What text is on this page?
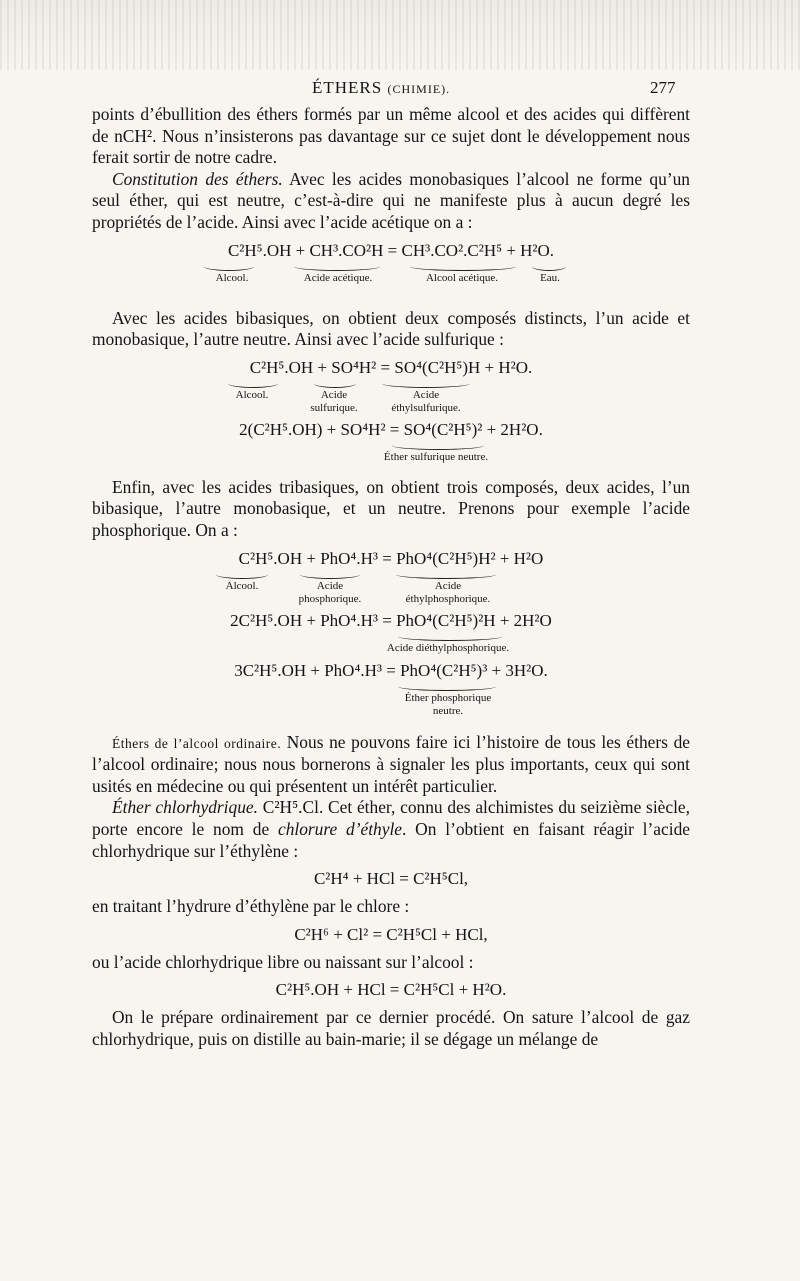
ÉTHERS (CHIMIE).	277

points d’ébullition des éthers formés par un même alcool et des acides qui diffèrent de nCH². Nous n’insisterons pas davantage sur ce sujet dont le développement nous ferait sortir de notre cadre.

Constitution des éthers. Avec les acides monobasiques l’alcool ne forme qu’un seul éther, qui est neutre, c’est-à-dire qui ne manifeste plus à aucun degré les propriétés de l’acide. Ainsi avec l’acide acétique on a :

C²H⁵.OH + CH³.CO²H = CH³.CO².C²H⁵ + H²O.
Alcool.	Acide acétique.	Alcool acétique.	Eau.

Avec les acides bibasiques, on obtient deux composés distincts, l’un acide et monobasique, l’autre neutre. Ainsi avec l’acide sulfurique :

C²H⁵.OH + SO⁴H² = SO⁴(C²H⁵)H + H²O.
Alcool.	Acide
sulfurique.
Acide
éthylsulfurique.
2(C²H⁵.OH) + SO⁴H² = SO⁴(C²H⁵)² + 2H²O.
Éther sulfurique neutre.

Enfin, avec les acides tribasiques, on obtient trois composés, deux acides, l’un bibasique, l’autre monobasique, et un neutre. Prenons pour exemple l’acide phosphorique. On a :

C²H⁵.OH + PhO⁴.H³ = PhO⁴(C²H⁵)H² + H²O
Alcool.	Acide
phosphorique.
Acide
éthylphosphorique.
2C²H⁵.OH + PhO⁴.H³ = PhO⁴(C²H⁵)²H + 2H²O
Acide diéthylphosphorique.
3C²H⁵.OH + PhO⁴.H³ = PhO⁴(C²H⁵)³ + 3H²O.
Éther phosphorique
neutre.

Éthers de l’alcool ordinaire. Nous ne pouvons faire ici l’histoire de tous les éthers de l’alcool ordinaire; nous nous bornerons à signaler les plus importants, ceux qui sont usités en médecine ou qui présentent un intérêt particulier.

Éther chlorhydrique. C²H⁵.Cl. Cet éther, connu des alchimistes du seizième siècle, porte encore le nom de chlorure d’éthyle. On l’obtient en faisant réagir l’acide chlorhydrique sur l’éthylène :

C²H⁴ + HCl = C²H⁵Cl,

en traitant l’hydrure d’éthylène par le chlore :

C²H⁶ + Cl² = C²H⁵Cl + HCl,

ou l’acide chlorhydrique libre ou naissant sur l’alcool :

C²H⁵.OH + HCl = C²H⁵Cl + H²O.

On le prépare ordinairement par ce dernier procédé. On sature l’alcool de gaz chlorhydrique, puis on distille au bain-marie; il se dégage un mélange de
